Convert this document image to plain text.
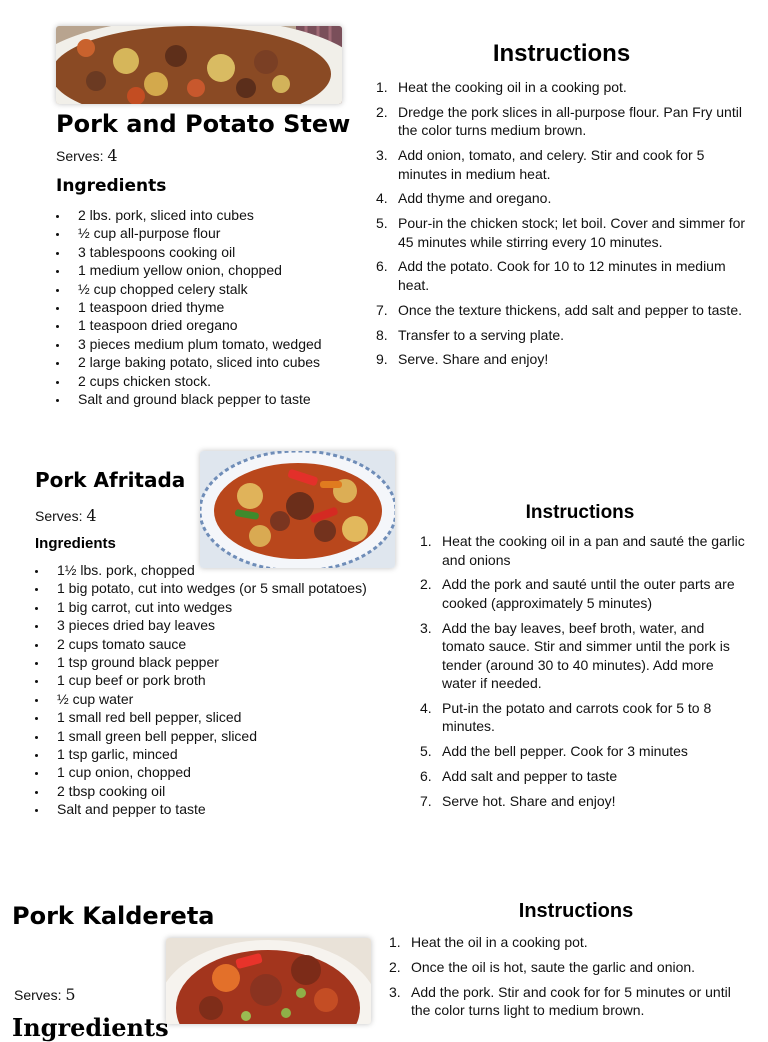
Pork and Potato Stew
Serves: 4
Ingredients
2 lbs. pork, sliced into cubes
½ cup all-purpose flour
3 tablespoons cooking oil
1 medium yellow onion, chopped
½ cup chopped celery stalk
1 teaspoon dried thyme
1 teaspoon dried oregano
3 pieces medium plum tomato, wedged
2 large baking potato, sliced into cubes
2 cups chicken stock.
Salt and ground black pepper to taste
Instructions
1. Heat the cooking oil in a cooking pot.
2. Dredge the pork slices in all-purpose flour. Pan Fry until the color turns medium brown.
3. Add onion, tomato, and celery. Stir and cook for 5 minutes in medium heat.
4. Add thyme and oregano.
5. Pour-in the chicken stock; let boil. Cover and simmer for 45 minutes while stirring every 10 minutes.
6. Add the potato. Cook for 10 to 12 minutes in medium heat.
7. Once the texture thickens, add salt and pepper to taste.
8. Transfer to a serving plate.
9. Serve. Share and enjoy!
Pork Afritada
Serves: 4
Ingredients
1½ lbs. pork, chopped
1 big potato, cut into wedges (or 5 small potatoes)
1 big carrot, cut into wedges
3 pieces dried bay leaves
2 cups tomato sauce
1 tsp ground black pepper
1 cup beef or pork broth
½ cup water
1 small red bell pepper, sliced
1 small green bell pepper, sliced
1 tsp garlic, minced
1 cup onion, chopped
2 tbsp cooking oil
Salt and pepper to taste
Instructions
1. Heat the cooking oil in a pan and sauté the garlic and onions
2. Add the pork and sauté until the outer parts are cooked (approximately 5 minutes)
3. Add the bay leaves, beef broth, water, and tomato sauce. Stir and simmer until the pork is tender (around 30 to 40 minutes). Add more water if needed.
4. Put-in the potato and carrots cook for 5 to 8 minutes.
5. Add the bell pepper. Cook for 3 minutes
6. Add salt and pepper to taste
7. Serve hot. Share and enjoy!
Pork Kaldereta
Serves: 5
Ingredients
Instructions
1. Heat the oil in a cooking pot.
2. Once the oil is hot, saute the garlic and onion.
3. Add the pork. Stir and cook for for 5 minutes or until the color turns light to medium brown.
